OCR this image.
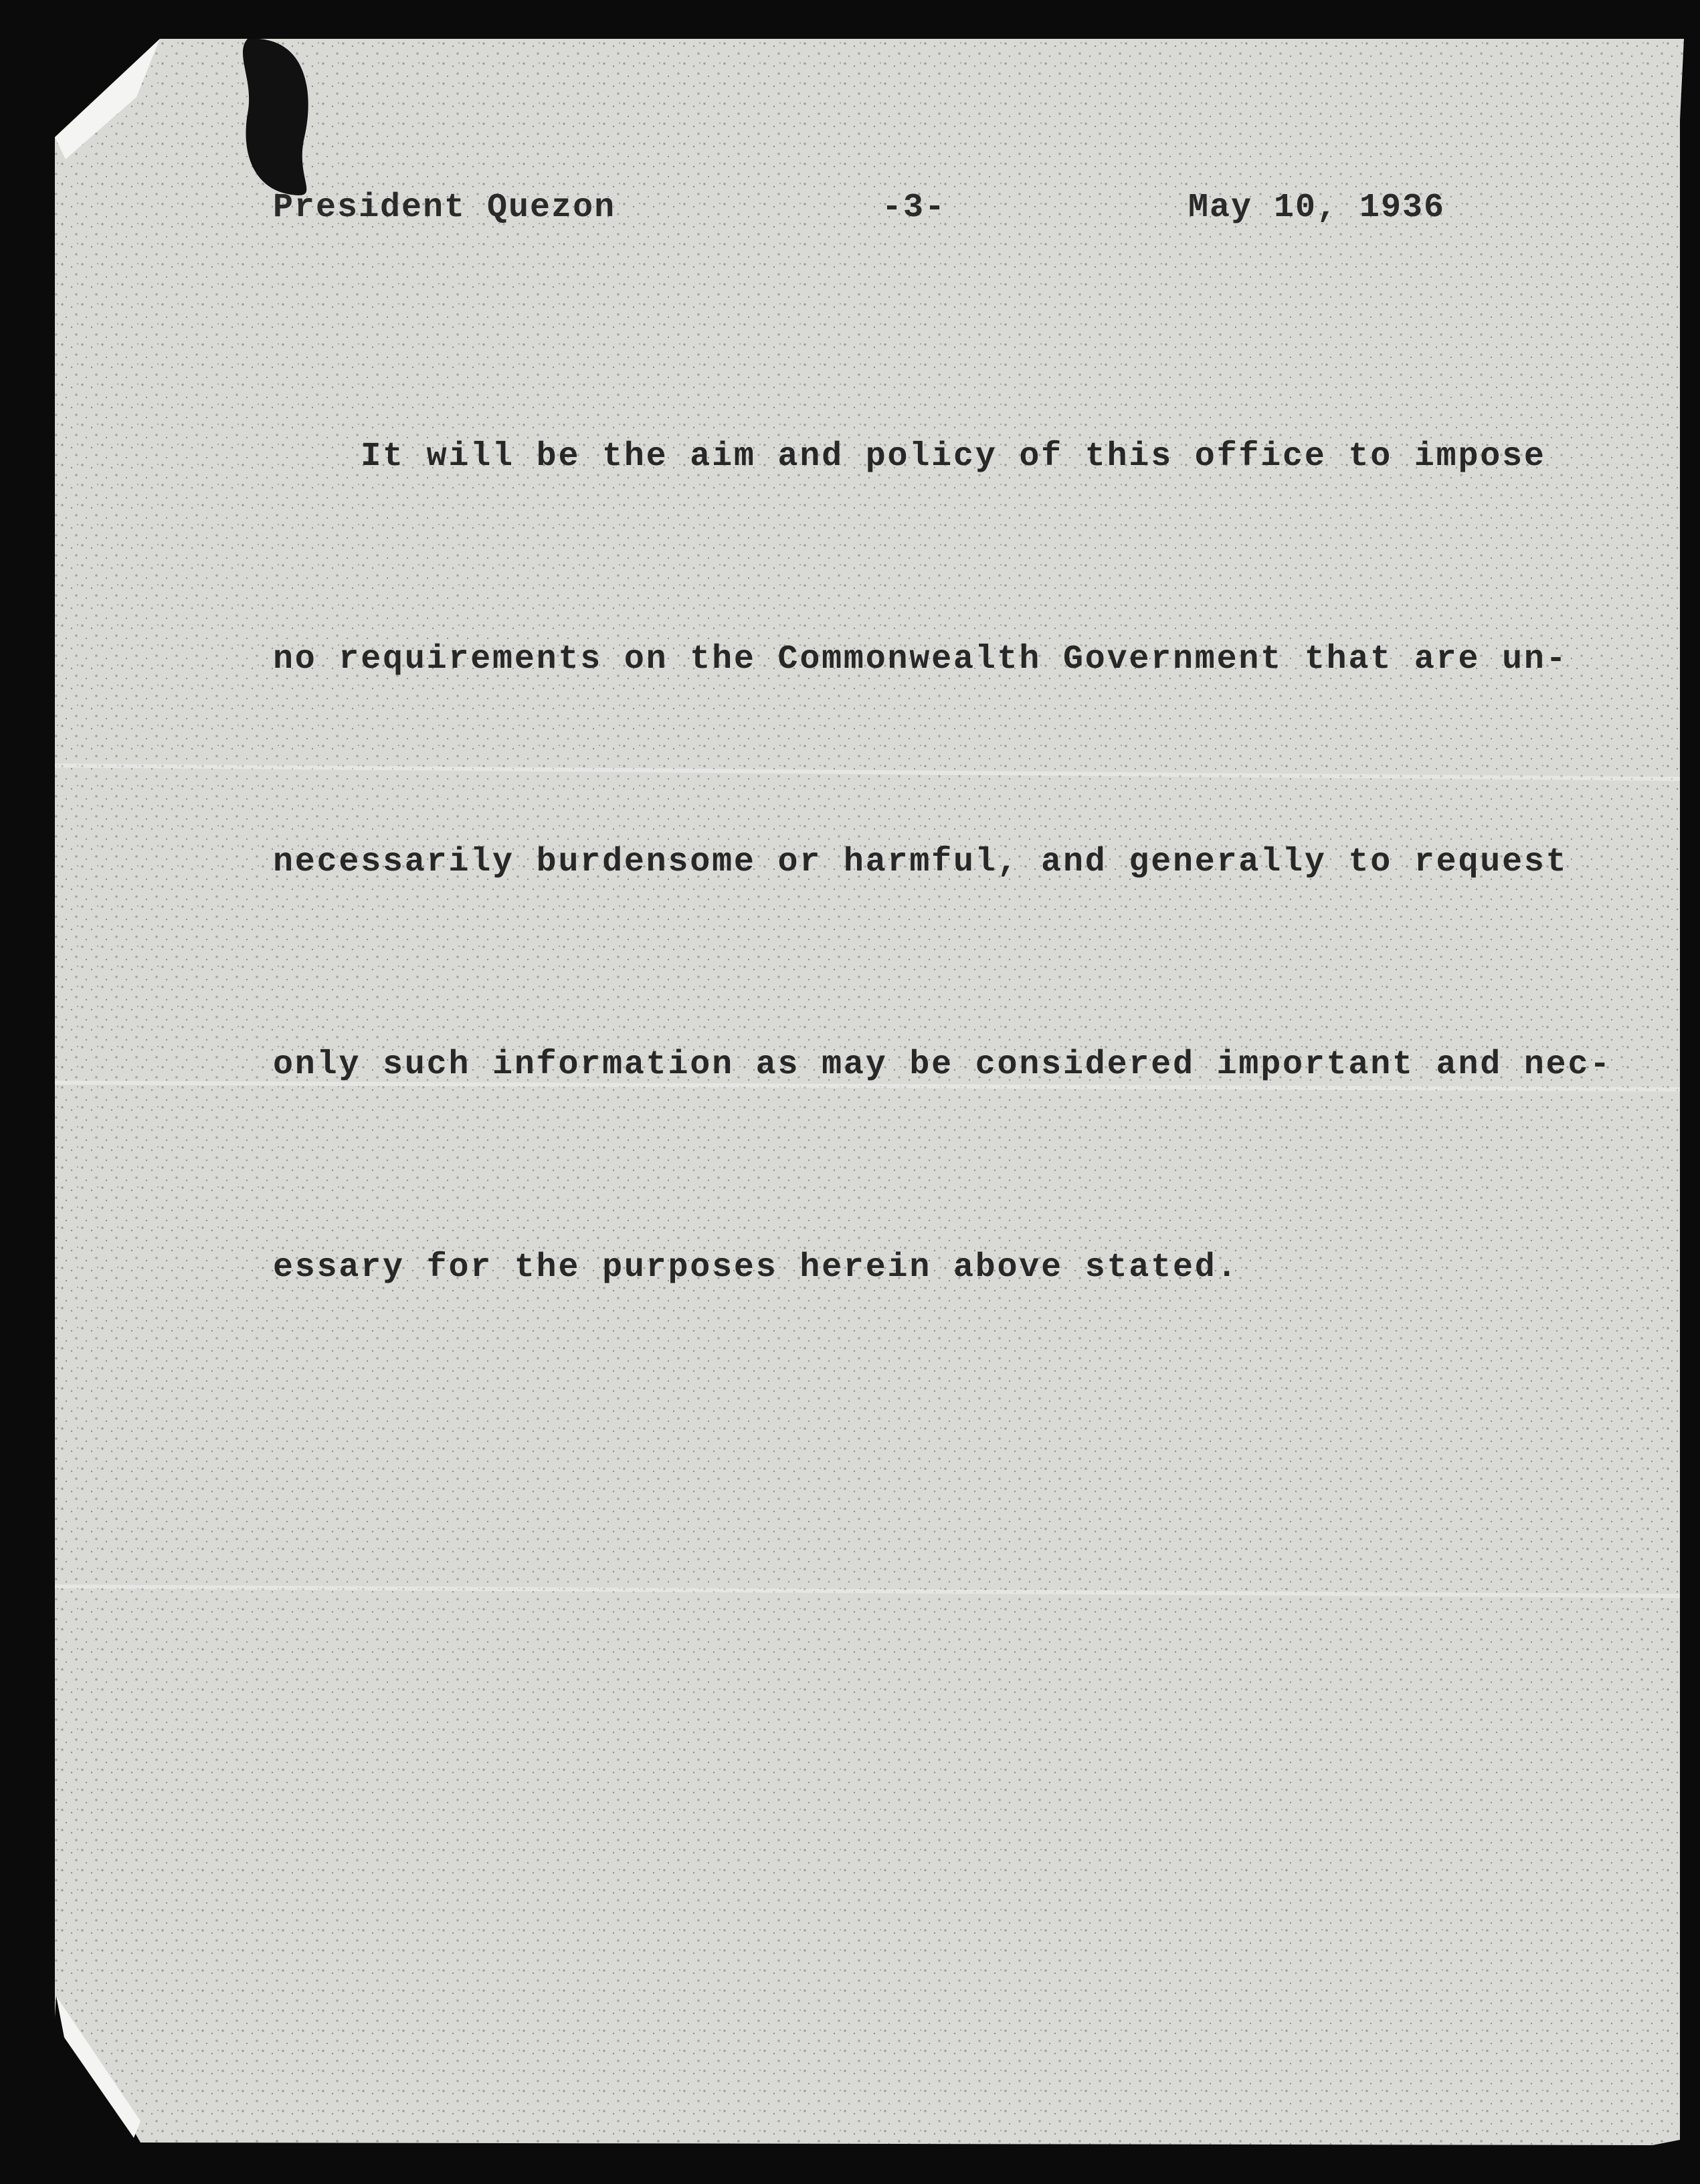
President Quezon	-3-	May 10, 1936

It will be the aim and policy of this office to impose

no requirements on the Commonwealth Government that are un-

necessarily burdensome or harmful, and generally to request

only such information as may be considered important and nec-

essary for the purposes herein above stated.
